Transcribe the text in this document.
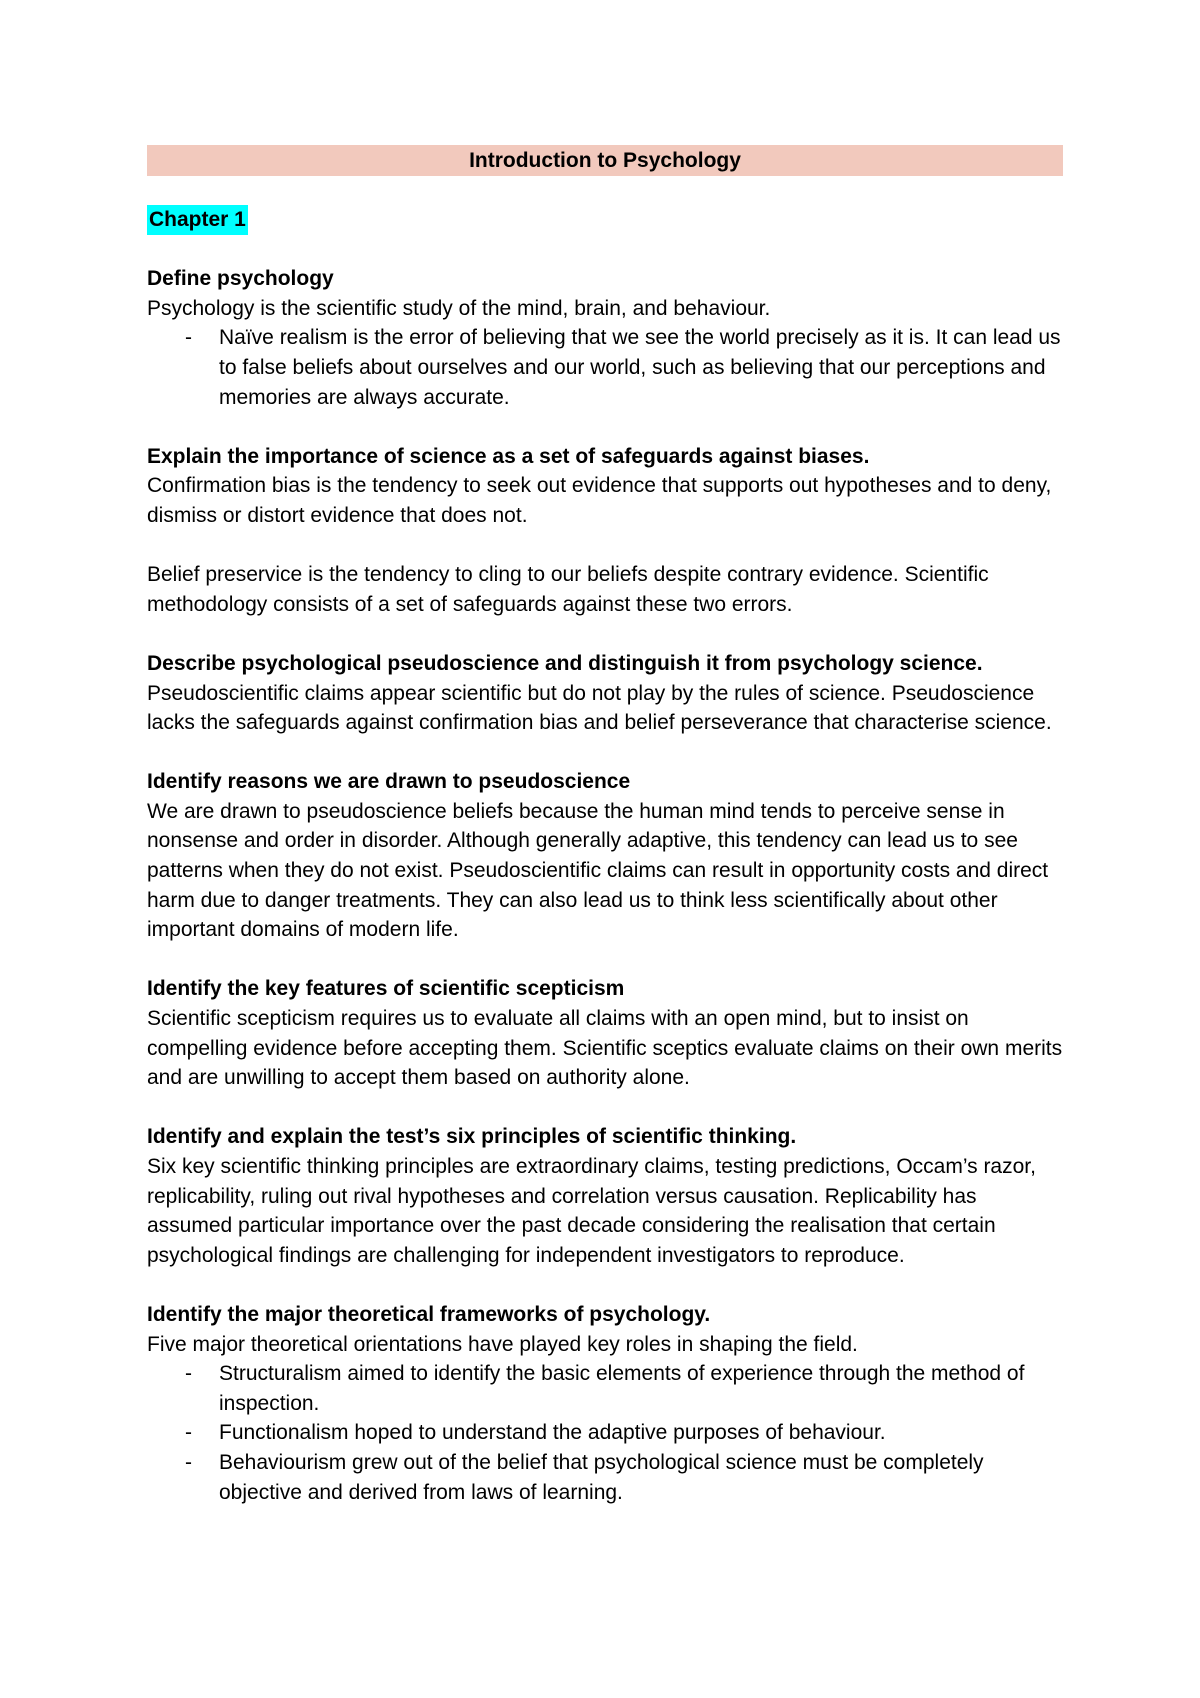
Introduction to Psychology
Chapter 1

Define psychology

Psychology is the scientific study of the mind, brain, and behaviour.

- Naïve realism is the error of believing that we see the world precisely as it is. It can lead us to false beliefs about ourselves and our world, such as believing that our perceptions and memories are always accurate.

Explain the importance of science as a set of safeguards against biases.

Confirmation bias is the tendency to seek out evidence that supports out hypotheses and to deny, dismiss or distort evidence that does not.

Belief preservice is the tendency to cling to our beliefs despite contrary evidence. Scientific methodology consists of a set of safeguards against these two errors.

Describe psychological pseudoscience and distinguish it from psychology science.

Pseudoscientific claims appear scientific but do not play by the rules of science. Pseudoscience lacks the safeguards against confirmation bias and belief perseverance that characterise science.

Identify reasons we are drawn to pseudoscience

We are drawn to pseudoscience beliefs because the human mind tends to perceive sense in nonsense and order in disorder. Although generally adaptive, this tendency can lead us to see patterns when they do not exist. Pseudoscientific claims can result in opportunity costs and direct harm due to danger treatments. They can also lead us to think less scientifically about other important domains of modern life.

Identify the key features of scientific scepticism

Scientific scepticism requires us to evaluate all claims with an open mind, but to insist on compelling evidence before accepting them. Scientific sceptics evaluate claims on their own merits and are unwilling to accept them based on authority alone.

Identify and explain the test’s six principles of scientific thinking.

Six key scientific thinking principles are extraordinary claims, testing predictions, Occam’s razor, replicability, ruling out rival hypotheses and correlation versus causation. Replicability has assumed particular importance over the past decade considering the realisation that certain psychological findings are challenging for independent investigators to reproduce.

Identify the major theoretical frameworks of psychology.

Five major theoretical orientations have played key roles in shaping the field.

- Structuralism aimed to identify the basic elements of experience through the method of inspection.
- Functionalism hoped to understand the adaptive purposes of behaviour.
- Behaviourism grew out of the belief that psychological science must be completely objective and derived from laws of learning.
